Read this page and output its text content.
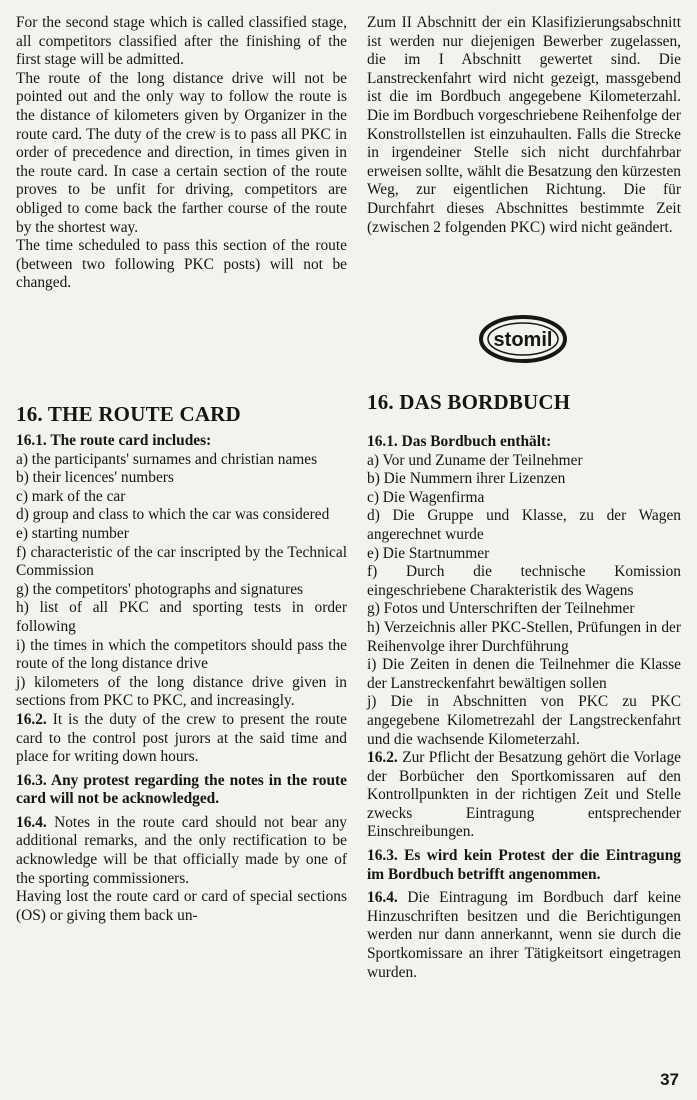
For the second stage which is called classified stage, all competitors classified after the finishing of the first stage will be admitted.

The route of the long distance drive will not be pointed out and the only way to follow the route is the distance of kilometers given by Organizer in the route card. The duty of the crew is to pass all PKC in order of precedence and direction, in times given in the route card. In case a certain section of the route proves to be unfit for driving, competitors are obliged to come back the farther course of the route by the shortest way.

The time scheduled to pass this section of the route (between two following PKC posts) will not be changed.

16. THE ROUTE CARD

16.1. The route card includes:

a) the participants' surnames and christian names

b) their licences' numbers

c) mark of the car

d) group and class to which the car was considered

e) starting number

f) characteristic of the car inscripted by the Technical Commission

g) the competitors' photographs and signatures

h) list of all PKC and sporting tests in order following

i) the times in which the competitors should pass the route of the long distance drive

j) kilometers of the long distance drive given in sections from PKC to PKC, and increasingly.

16.2. It is the duty of the crew to present the route card to the control post jurors at the said time and place for writing down hours.

16.3. Any protest regarding the notes in the route card will not be acknowledged.

16.4. Notes in the route card should not bear any additional remarks, and the only rectification to be acknowledge will be that officially made by one of the sporting commissioners.

Having lost the route card or card of special sections (OS) or giving them back un-

Zum II Abschnitt der ein Klasifizierungsabschnitt ist werden nur diejenigen Bewerber zugelassen, die im I Abschnitt gewertet sind. Die Lanstreckenfahrt wird nicht gezeigt, massgebend ist die im Bordbuch angegebene Kilometerzahl. Die im Bordbuch vorgeschriebene Reihenfolge der Konstrollstellen ist einzuhaulten. Falls die Strecke in irgendeiner Stelle sich nicht durchfahrbar erweisen sollte, wählt die Besatzung den kürzesten Weg, zur eigentlichen Richtung. Die für Durchfahrt dieses Abschnittes bestimmte Zeit (zwischen 2 folgenden PKC) wird nicht geändert.

stomil
16. DAS BORDBUCH

16.1. Das Bordbuch enthält:

a) Vor und Zuname der Teilnehmer

b) Die Nummern ihrer Lizenzen

c) Die Wagenfirma

d) Die Gruppe und Klasse, zu der Wagen angerechnet wurde

e) Die Startnummer

f) Durch die technische Komission eingeschriebene Charakteristik des Wagens

g) Fotos und Unterschriften der Teilnehmer

h) Verzeichnis aller PKC-Stellen, Prüfungen in der Reihenvolge ihrer Durchführung

i) Die Zeiten in denen die Teilnehmer die Klasse der Lanstreckenfahrt bewältigen sollen

j) Die in Abschnitten von PKC zu PKC angegebene Kilometrezahl der Langstreckenfahrt und die wachsende Kilometerzahl.

16.2. Zur Pflicht der Besatzung gehört die Vorlage der Borbücher den Sportkomissaren auf den Kontrollpunkten in der richtigen Zeit und Stelle zwecks Eintragung entsprechender Einschreibungen.

16.3. Es wird kein Protest der die Eintragung im Bordbuch betrifft angenommen.

16.4. Die Eintragung im Bordbuch darf keine Hinzuschriften besitzen und die Berichtigungen werden nur dann annerkannt, wenn sie durch die Sportkomissare an ihrer Tätigkeitsort eingetragen wurden.

37
